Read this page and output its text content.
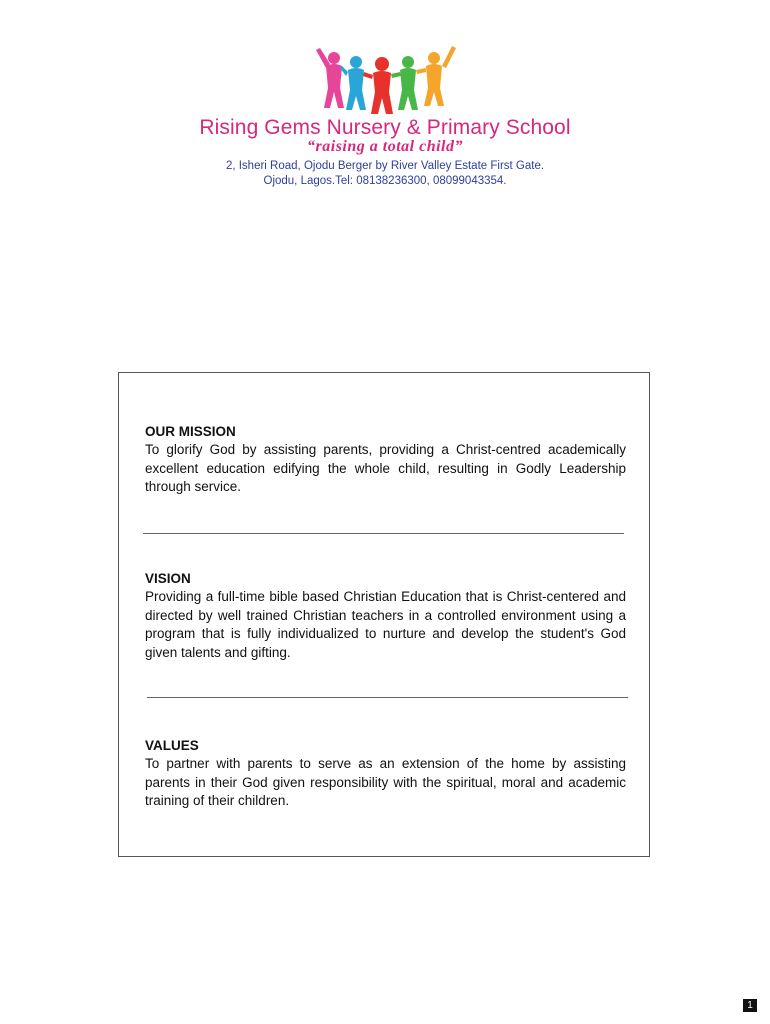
Rising Gems Nursery & Primary School
“raising a total child”
2, Isheri Road, Ojodu Berger by River Valley Estate First Gate.
Ojodu, Lagos.Tel: 08138236300, 08099043354.
OUR MISSION
To glorify God by assisting parents, providing a Christ-centred academically excellent education edifying the whole child, resulting in Godly Leadership through service.
VISION
Providing a full-time bible based Christian Education that is Christ-centered and directed by well trained Christian teachers in a controlled environment using a program that is fully individualized to nurture and develop the student's God given talents and gifting.
VALUES
To partner with parents to serve as an extension of the home by assisting parents in their God given responsibility with the spiritual, moral and academic training of their children.
1
